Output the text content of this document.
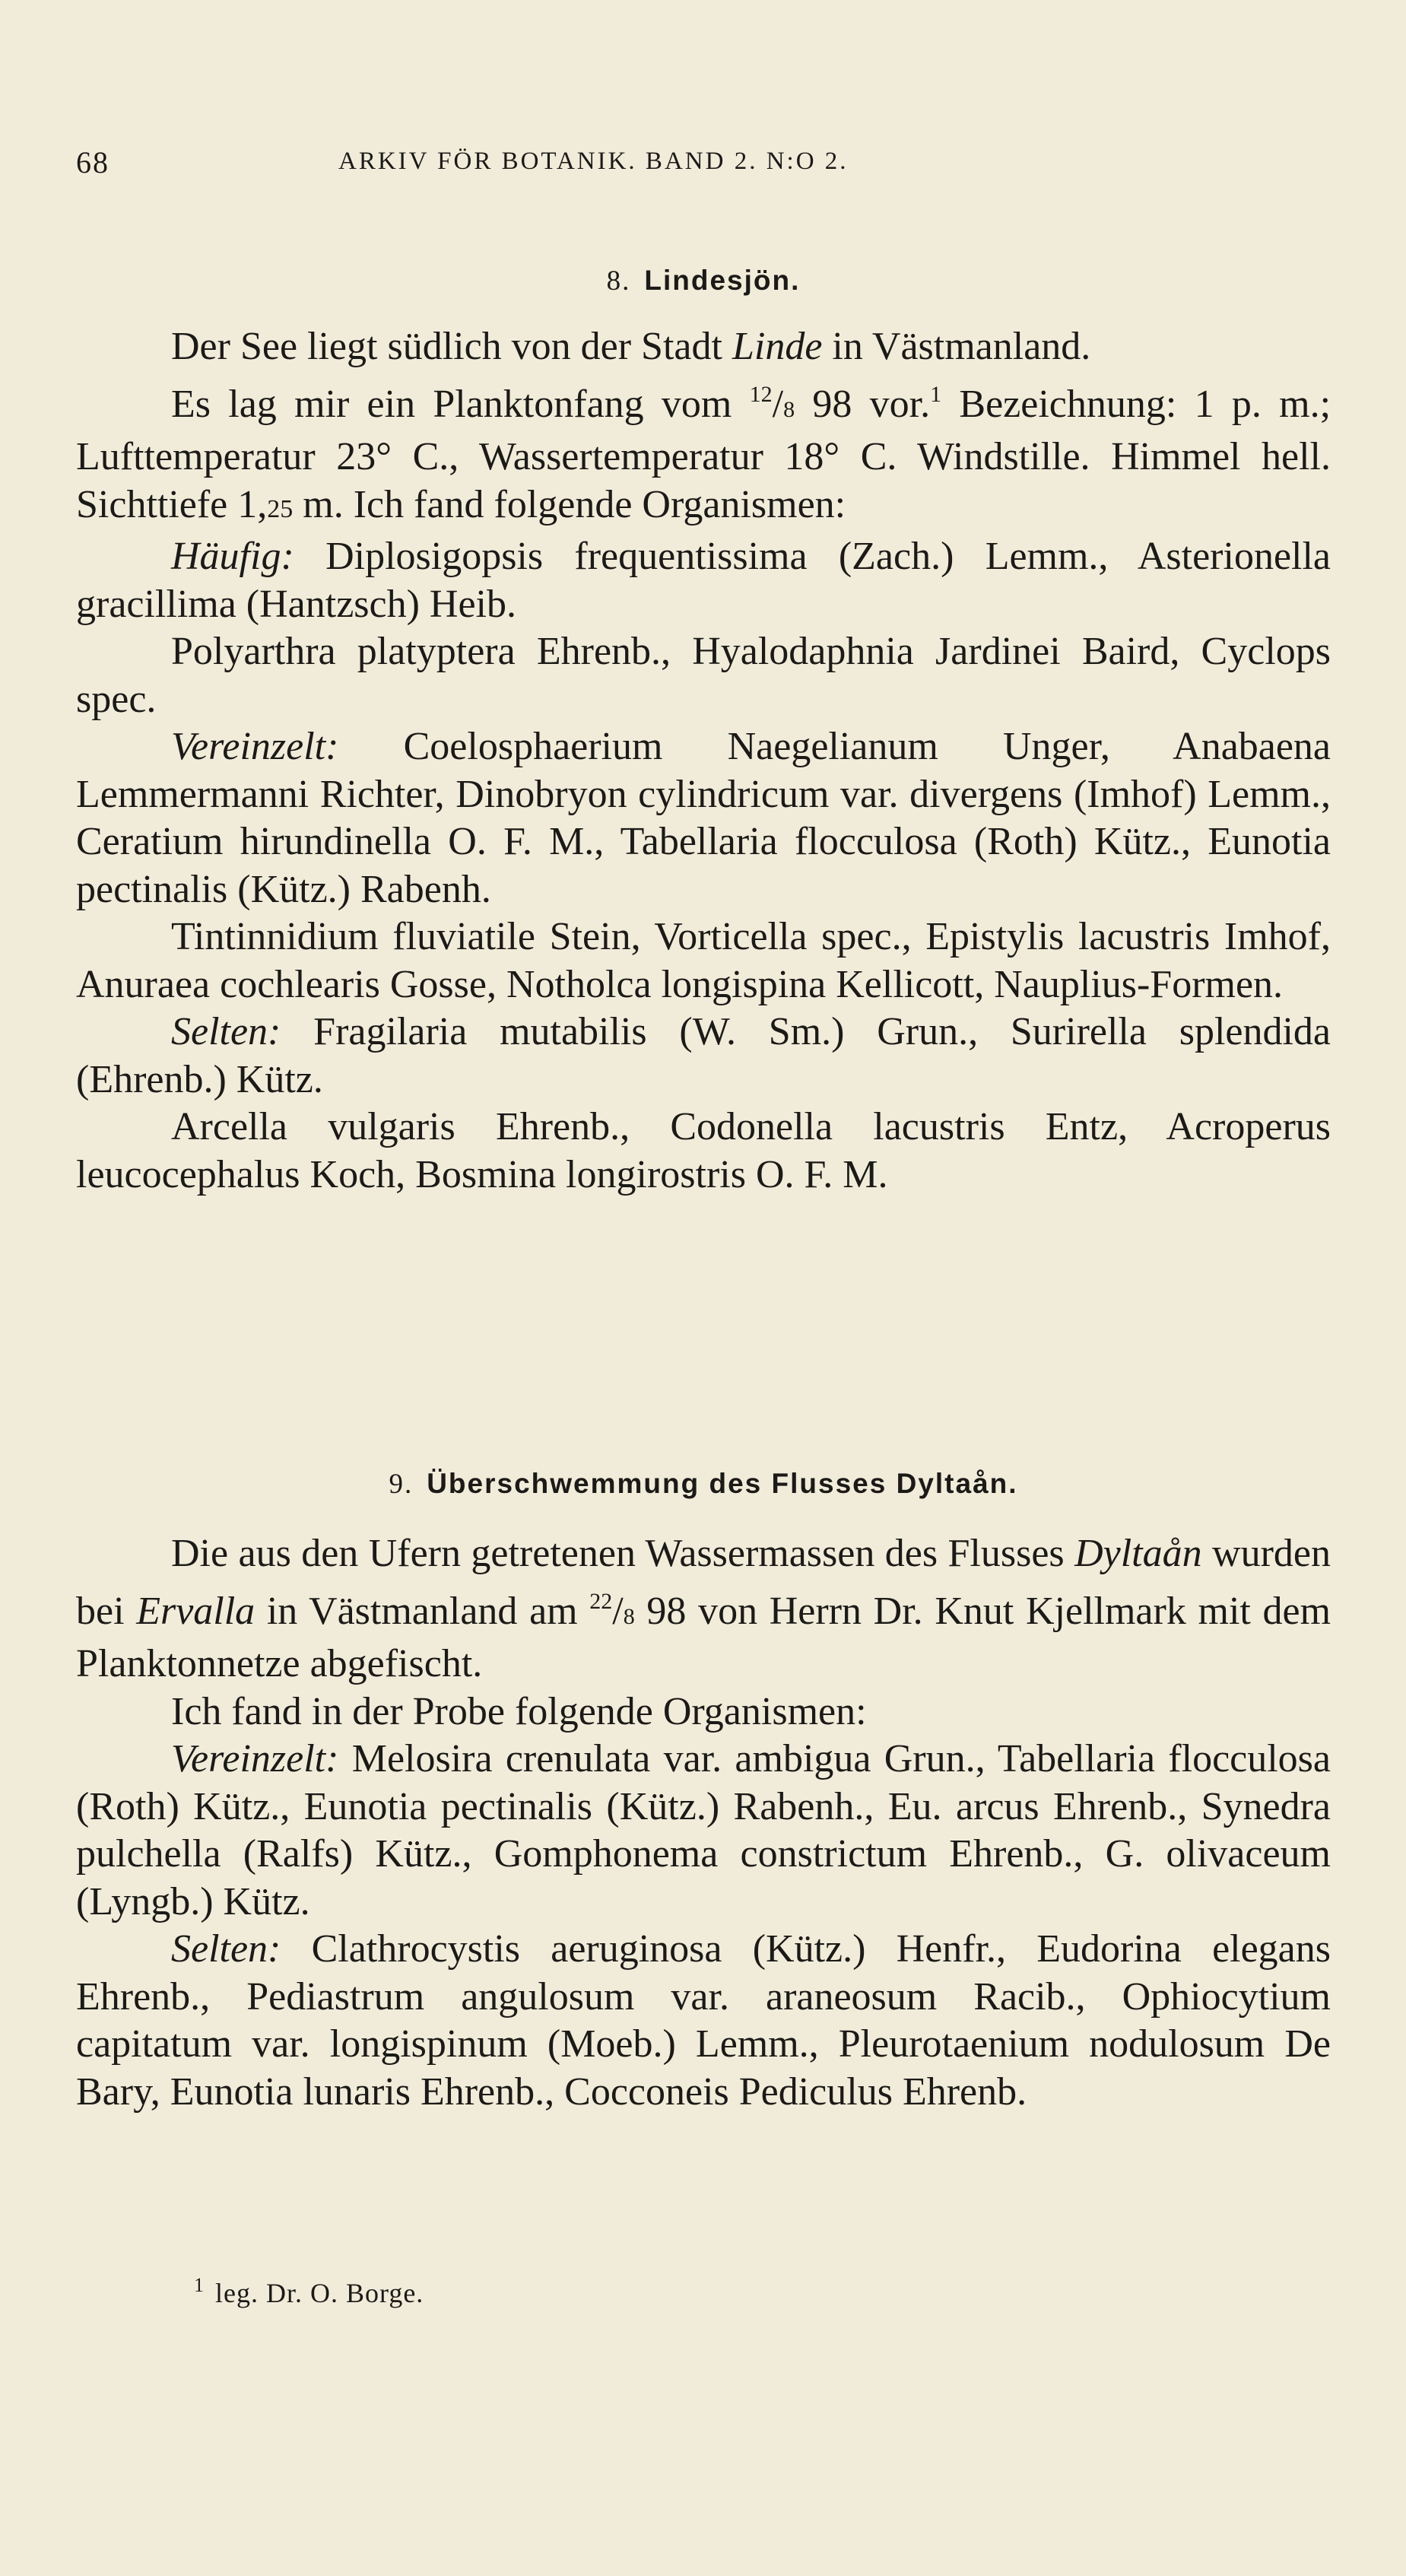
68	ARKIV FÖR BOTANIK. BAND 2. N:O 2.
8. Lindesjön.

Der See liegt südlich von der Stadt Linde in Västmanland.

Es lag mir ein Planktonfang vom $^{12}$/8 98 vor.$^1$ Bezeichnung: 1 p. m.; Lufttemperatur 23° C., Wassertemperatur 18° C. Windstille. Himmel hell. Sichttiefe 1,25 m. Ich fand folgende Organismen:

Häufig: Diplosigopsis frequentissima (Zach.) Lemm., Asterionella gracillima (Hantzsch) Heib.

Polyarthra platyptera Ehrenb., Hyalodaphnia Jardinei Baird, Cyclops spec.

Vereinzelt: Coelosphaerium Naegelianum Unger, Anabaena Lemmermanni Richter, Dinobryon cylindricum var. divergens (Imhof) Lemm., Ceratium hirundinella O. F. M., Tabellaria flocculosa (Roth) Kütz., Eunotia pectinalis (Kütz.) Rabenh.

Tintinnidium fluviatile Stein, Vorticella spec., Epistylis lacustris Imhof, Anuraea cochlearis Gosse, Notholca longispina Kellicott, Nauplius-Formen.

Selten: Fragilaria mutabilis (W. Sm.) Grun., Surirella splendida (Ehrenb.) Kütz.

Arcella vulgaris Ehrenb., Codonella lacustris Entz, Acroperus leucocephalus Koch, Bosmina longirostris O. F. M.

9. Überschwemmung des Flusses Dyltaån.

Die aus den Ufern getretenen Wassermassen des Flusses Dyltaån wurden bei Ervalla in Västmanland am $^{22}$/8 98 von Herrn Dr. Knut Kjellmark mit dem Planktonnetze abgefischt.

Ich fand in der Probe folgende Organismen:

Vereinzelt: Melosira crenulata var. ambigua Grun., Tabellaria flocculosa (Roth) Kütz., Eunotia pectinalis (Kütz.) Rabenh., Eu. arcus Ehrenb., Synedra pulchella (Ralfs) Kütz., Gomphonema constrictum Ehrenb., G. olivaceum (Lyngb.) Kütz.

Selten: Clathrocystis aeruginosa (Kütz.) Henfr., Eudorina elegans Ehrenb., Pediastrum angulosum var. araneosum Racib., Ophiocytium capitatum var. longispinum (Moeb.) Lemm., Pleurotaenium nodulosum De Bary, Eunotia lunaris Ehrenb., Cocconeis Pediculus Ehrenb.

$^1$ leg. Dr. O. Borge.
